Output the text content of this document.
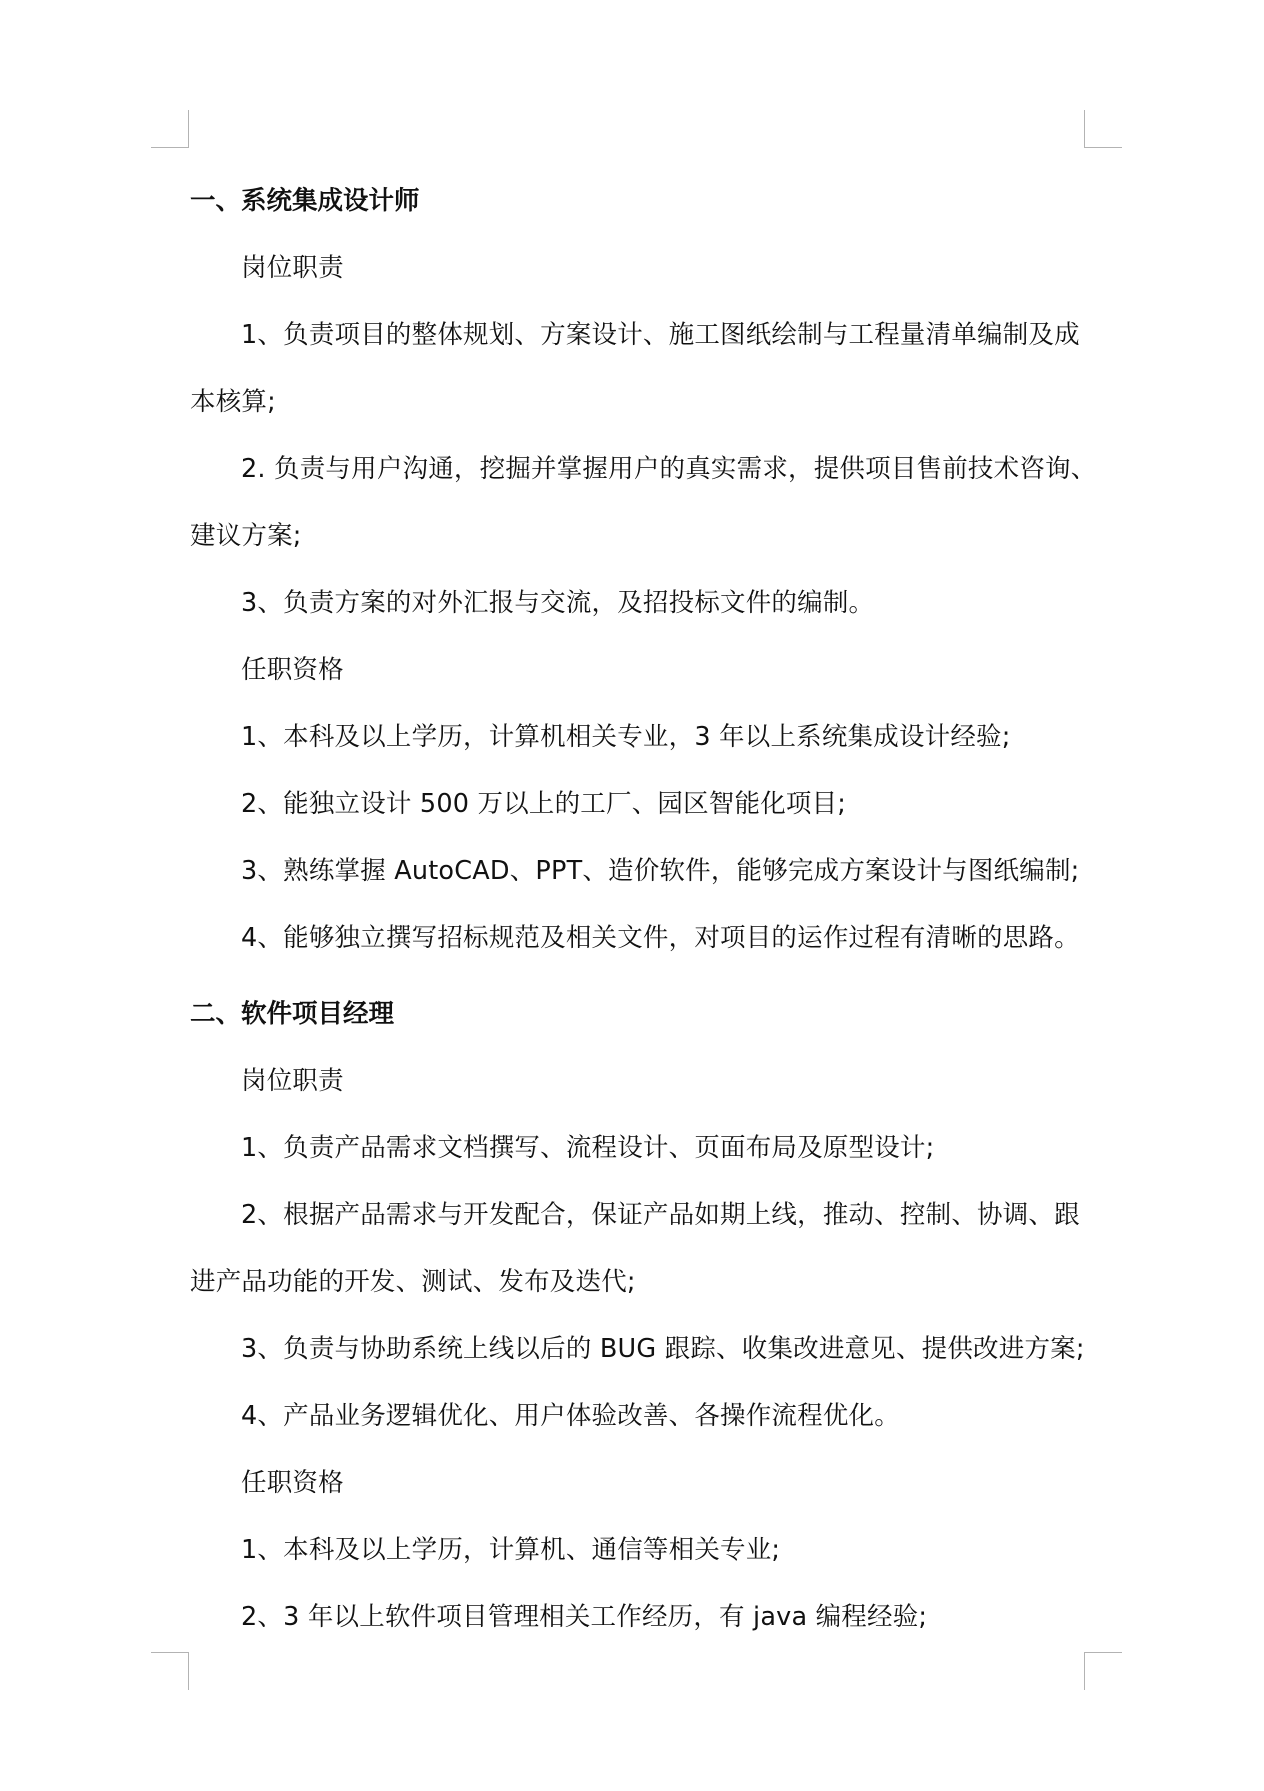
一、系统集成设计师
岗位职责
1、负责项目的整体规划、方案设计、施工图纸绘制与工程量清单编制及成
本核算;
2. 负责与用户沟通，挖掘并掌握用户的真实需求，提供项目售前技术咨询、
建议方案;
3、负责方案的对外汇报与交流，及招投标文件的编制。
任职资格
1、本科及以上学历，计算机相关专业，3 年以上系统集成设计经验;
2、能独立设计 500 万以上的工厂、园区智能化项目;
3、熟练掌握 AutoCAD、PPT、造价软件，能够完成方案设计与图纸编制;
4、能够独立撰写招标规范及相关文件，对项目的运作过程有清晰的思路。
二、软件项目经理
岗位职责
1、负责产品需求文档撰写、流程设计、页面布局及原型设计;
2、根据产品需求与开发配合，保证产品如期上线，推动、控制、协调、跟
进产品功能的开发、测试、发布及迭代;
3、负责与协助系统上线以后的 BUG 跟踪、收集改进意见、提供改进方案;
4、产品业务逻辑优化、用户体验改善、各操作流程优化。
任职资格
1、本科及以上学历，计算机、通信等相关专业;
2、3 年以上软件项目管理相关工作经历，有 java 编程经验;
